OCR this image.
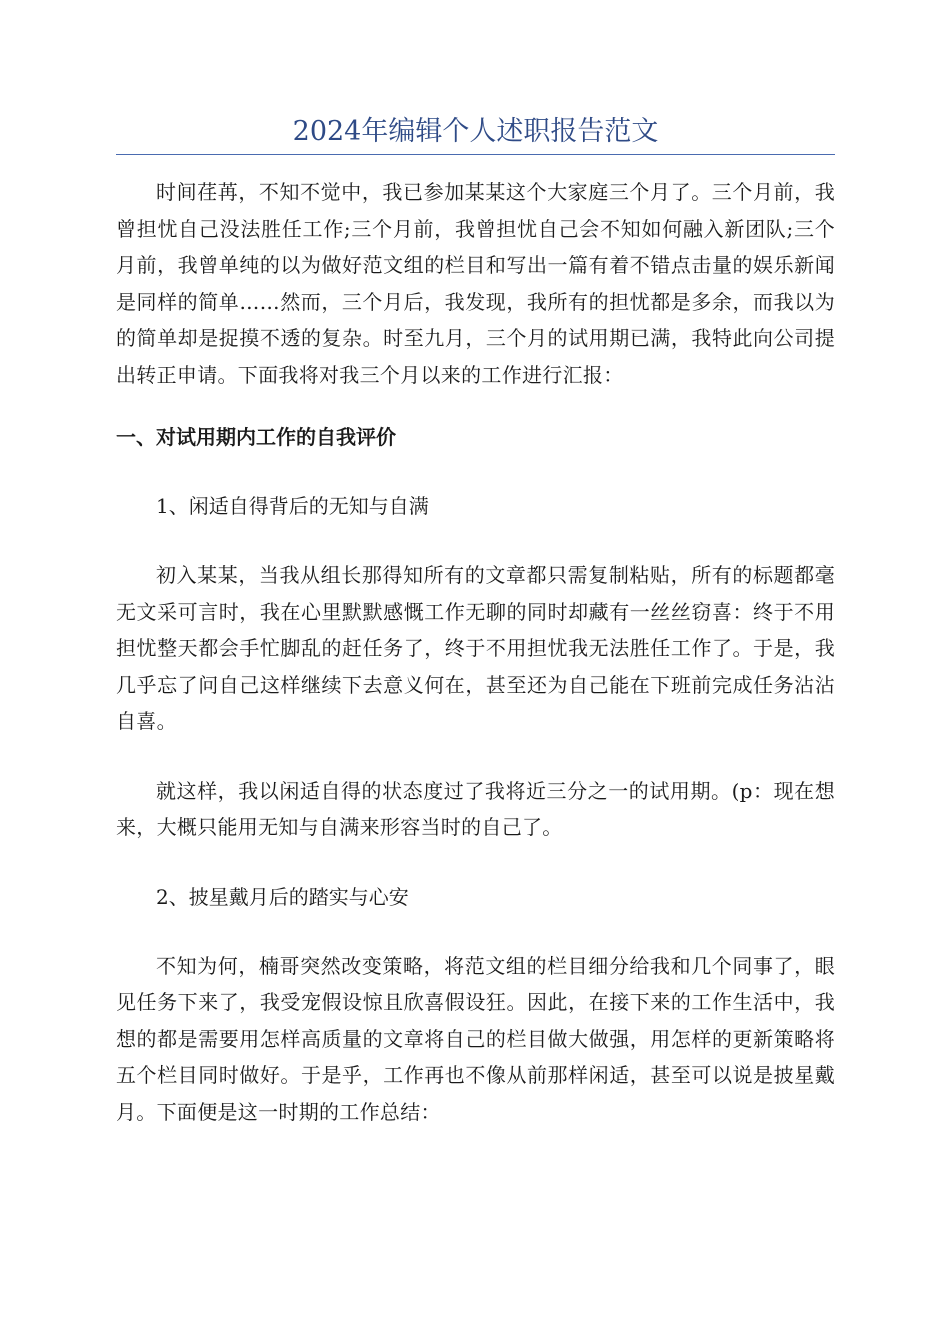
2024年编辑个人述职报告范文

时间荏苒，不知不觉中，我已参加某某这个大家庭三个月了。三个月前，我曾担忧自己没法胜任工作;三个月前，我曾担忧自己会不知如何融入新团队;三个月前，我曾单纯的以为做好范文组的栏目和写出一篇有着不错点击量的娱乐新闻是同样的简单……然而，三个月后，我发现，我所有的担忧都是多余，而我以为的简单却是捉摸不透的复杂。时至九月，三个月的试用期已满，我特此向公司提出转正申请。下面我将对我三个月以来的工作进行汇报：

一、对试用期内工作的自我评价

1、闲适自得背后的无知与自满

初入某某，当我从组长那得知所有的文章都只需复制粘贴，所有的标题都毫无文采可言时，我在心里默默感慨工作无聊的同时却藏有一丝丝窃喜：终于不用担忧整天都会手忙脚乱的赶任务了，终于不用担忧我无法胜任工作了。于是，我几乎忘了问自己这样继续下去意义何在，甚至还为自己能在下班前完成任务沾沾自喜。

就这样，我以闲适自得的状态度过了我将近三分之一的试用期。(p：现在想来，大概只能用无知与自满来形容当时的自己了。

2、披星戴月后的踏实与心安

不知为何，楠哥突然改变策略，将范文组的栏目细分给我和几个同事了，眼见任务下来了，我受宠假设惊且欣喜假设狂。因此，在接下来的工作生活中，我想的都是需要用怎样高质量的文章将自己的栏目做大做强，用怎样的更新策略将五个栏目同时做好。于是乎，工作再也不像从前那样闲适，甚至可以说是披星戴月。下面便是这一时期的工作总结：
